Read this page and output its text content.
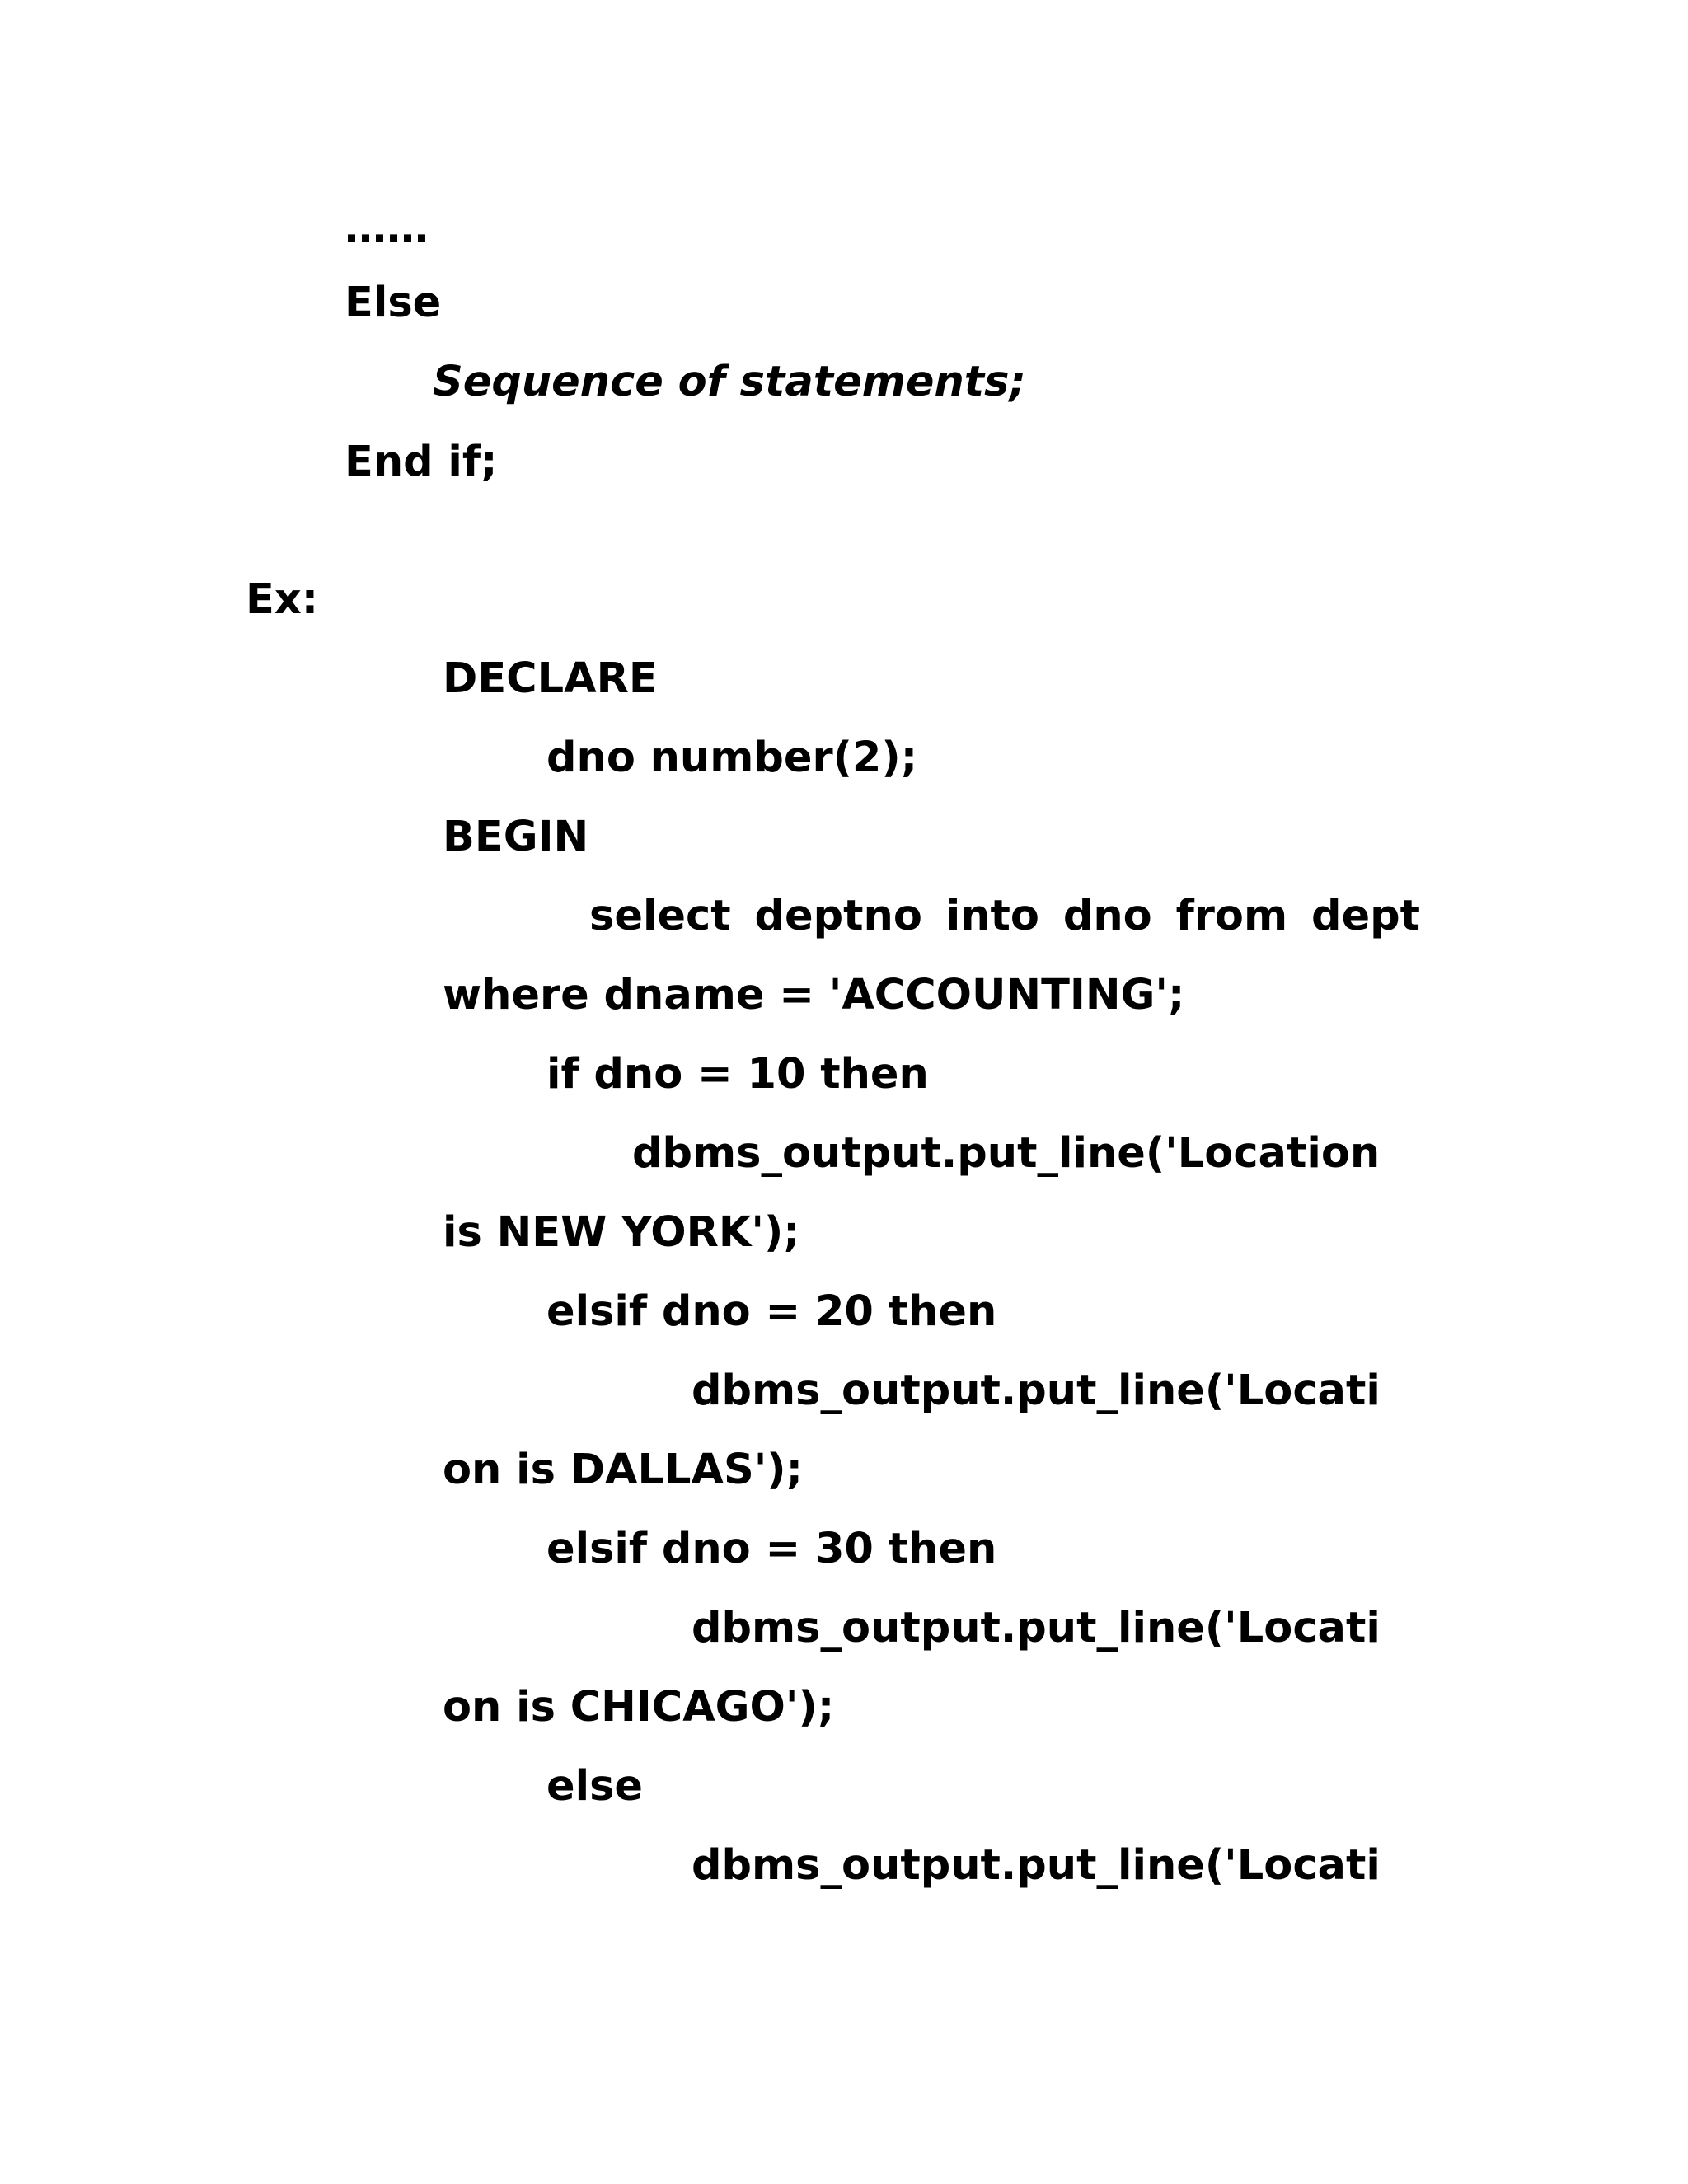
……
Else
Sequence of statements;
End if;
Ex:
DECLARE
dno number(2);
BEGIN
select deptno into dno from dept
where dname = 'ACCOUNTING';
if dno = 10 then
dbms_output.put_line('Location
is NEW YORK');
elsif dno = 20 then
dbms_output.put_line('Locati
on is DALLAS');
elsif dno = 30 then
dbms_output.put_line('Locati
on is CHICAGO');
else
dbms_output.put_line('Locati
